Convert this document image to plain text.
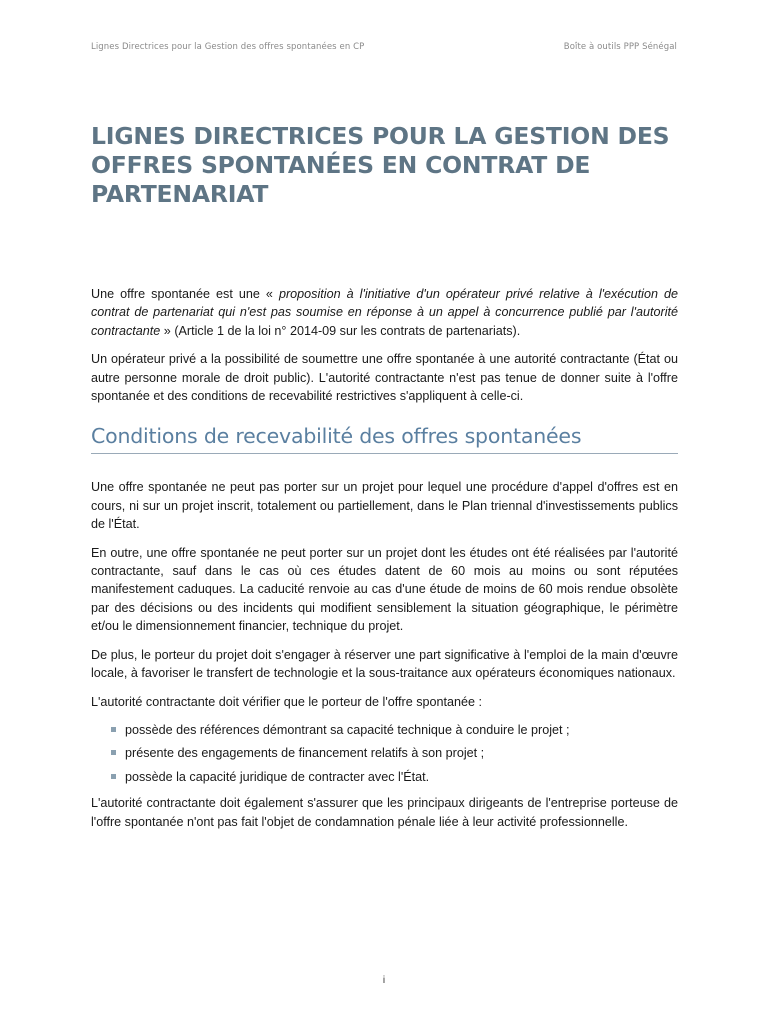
Lignes Directrices pour la Gestion des offres spontanées en CP	Boîte à outils PPP Sénégal
LIGNES DIRECTRICES POUR LA GESTION DES OFFRES SPONTANÉES EN CONTRAT DE PARTENARIAT

Une offre spontanée est une « proposition à l'initiative d'un opérateur privé relative à l'exécution de contrat de partenariat qui n'est pas soumise en réponse à un appel à concurrence publié par l'autorité contractante » (Article 1 de la loi n° 2014-09 sur les contrats de partenariats).

Un opérateur privé a la possibilité de soumettre une offre spontanée à une autorité contractante (État ou autre personne morale de droit public). L'autorité contractante n'est pas tenue de donner suite à l'offre spontanée et des conditions de recevabilité restrictives s'appliquent à celle-ci.

Conditions de recevabilité des offres spontanées

Une offre spontanée ne peut pas porter sur un projet pour lequel une procédure d'appel d'offres est en cours, ni sur un projet inscrit, totalement ou partiellement, dans le Plan triennal d'investissements publics de l'État.

En outre, une offre spontanée ne peut porter sur un projet dont les études ont été réalisées par l'autorité contractante, sauf dans le cas où ces études datent de 60 mois au moins ou sont réputées manifestement caduques. La caducité renvoie au cas d'une étude de moins de 60 mois rendue obsolète par des décisions ou des incidents qui modifient sensiblement la situation géographique, le périmètre et/ou le dimensionnement financier, technique du projet.

De plus, le porteur du projet doit s'engager à réserver une part significative à l'emploi de la main d'œuvre locale, à favoriser le transfert de technologie et la sous-traitance aux opérateurs économiques nationaux.

L'autorité contractante doit vérifier que le porteur de l'offre spontanée :

possède des références démontrant sa capacité technique à conduire le projet ;
présente des engagements de financement relatifs à son projet ;
possède la capacité juridique de contracter avec l'État.

L'autorité contractante doit également s'assurer que les principaux dirigeants de l'entreprise porteuse de l'offre spontanée n'ont pas fait l'objet de condamnation pénale liée à leur activité professionnelle.

i
